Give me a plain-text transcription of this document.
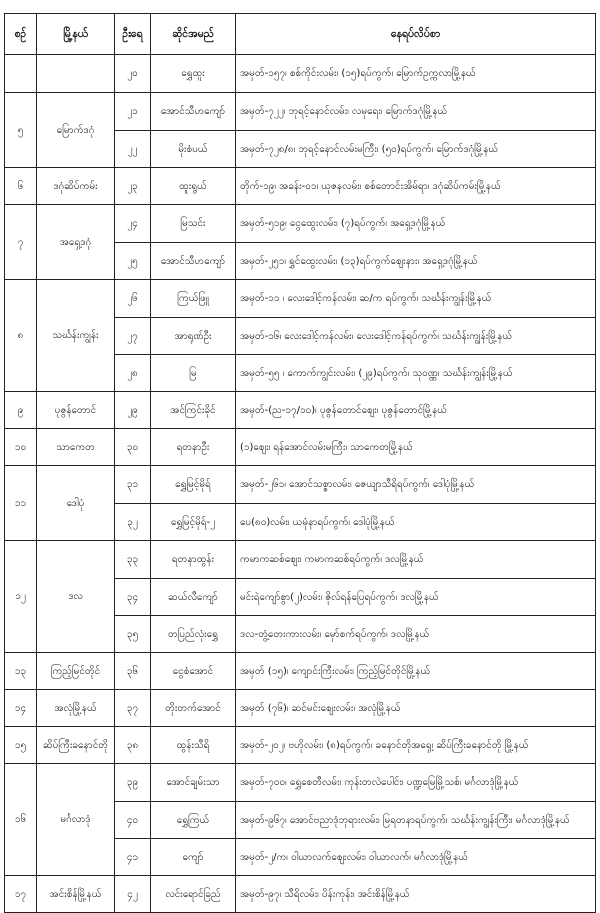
စဉ်	မြို့နယ်	ဦးရေ	ဆိုင်အမည်	နေရပ်လိပ်စာ
		၂၀	ရွှေထူး	အမှတ်-၁၅၇၊ စစ်ကိုင်းလမ်း၊ (၁၅)ရပ်ကွက်၊ မြောက်ဥက္ကလာမြို့နယ်
၅	မြောက်ဒဂုံ	၂၁	အောင်သီဟကျော်	အမှတ်-၇၂၂၊ ဘုရင့်နောင်လမ်း၊ လမုရေး၊ မြောက်ဒဂုံမြို့နယ်
		၂၂	မိုးစံပယ်	အမှတ်-၇၂၈/၈၊ ဘုရင့်နောင်လမ်းမကြီး၊ (၅၀)ရပ်ကွက်၊ မြောက်ဒဂုံမြို့နယ်
၆	ဒဂုံဆိပ်ကမ်း	၂၃	ထူးရွယ်	တိုက်-၁၉၊ အခန်း-၀၁၊ ယုဇနလမ်း၊ စစ်တောင်းအိမ်ရာ၊ ဒဂုံဆိပ်ကမ်းမြို့နယ်
၇	အရှေ့ဒဂုံ	၂၄	မြသင်း	အမှတ်-၅၁၉၊ ငွေထွေးလမ်း၊ (၇)ရပ်ကွက်၊ အရှေ့ဒဂုံမြို့နယ်
		၂၅	အောင်သီဟကျော်	အမှတ်-၂၅၁၊ ရွှင်ထွေးလမ်း၊ (၁၃)ရပ်ကွက်စျေးနား၊ အရှေ့ဒဂုံမြို့နယ်
၈	သင်္ဃန်းကျွန်း	၂၆	ကြယ်ဖြူ	အမှတ်-၁၁ ၊ လေးဒေါင့်ကန်လမ်း၊ ဆ/က ရပ်ကွက်၊ သင်္ဃန်းကျွန်းမြို့နယ်
		၂၇	အာရုဏ်ဦး	အမှတ်-၁၆၊ လေးဒေါင့်ကန်လမ်း၊ လေးဒေါင့်ကန်ရပ်ကွက်၊ သင်္ဃန်းကျွန်းမြို့နယ်
		၂၈	မြ	အမှတ်-၅၅ ၊ ကောက်ကျွင်းလမ်း၊ (၂၉)ရပ်ကွက်၊ သုဝဏ္ဏ၊ သင်္ဃန်းကျွန်းမြို့နယ်
၉	ပုဇွန်တောင်	၂၉	အင်ကြင်းခိုင်	အမှတ်-(ည-၁၇/၁၀)၊ ပုဇွန်တောင်စျေး၊ ပုဇွန်တောင်မြို့နယ်
၁၀	သာကေတ	၃၀	ရတနာဦး	(၁)စျေး၊ ရန်အောင်လမ်းမကြီး၊ သာကေတမြို့နယ်
၁၁	ဒေါပုံ	၃၁	ရွှေမြင့်မိုရ်	အမှတ်-၂၆၁၊ အောင်သစ္စာလမ်း၊ ဇေယျာသီရိရပ်ကွက်၊ ဒေါပုံမြို့နယ်
		၃၂	ရွှေမြင့်မိုရ်-၂	ပေ(၈၀)လမ်း၊ ယမုံနာရပ်ကွက်၊ ဒေါပုံမြို့နယ်
၁၂	ဒလ	၃၃	ရတနာထွန်း	ကမာကဆစ်စျေး၊ ကမာကဆစ်ရပ်ကွက်၊ ဒလမြို့နယ်
		၃၄	ဆယ်လီကျော်	မင်းရဲကျော်စွာ(၂)လမ်း၊ ဇိုလ်ရန်ပြေရပ်ကွက်၊ ဒလမြို့နယ်
		၃၅	တပြည်လုံးရွှေ	ဒလ-တွံ့တေးကားလမ်း၊ မှော်စက်ရပ်ကွက်၊ ဒလမြို့နယ်
၁၃	ကြည့်မြင်တိုင်	၃၆	ငွေစံအောင်	အမှတ် (၁၅)၊ ကျောင်းကြီးလမ်း၊ ကြည့်မြင်တိုင်မြို့နယ်
၁၄	အလုံမြို့နယ်	၃၇	တိုးတက်အောင်	အမှတ် (၇၆)၊ ဆင်မင်းစျေးလမ်း၊ အလုံမြို့နယ်
၁၅	ဆိပ်ကြီးခနောင်တို	၃၈	ထွန်းသီရိ	အမှတ်-၂၀၂၊ ဗဟိုလမ်း၊ (၈)ရပ်ကွက်၊ ခနောင်တိုအရှေ့၊ ဆိပ်ကြီးခနောင်တို မြို့နယ်
၁၆	မင်္ဂလာဒုံ	၃၉	အောင်ချမ်းသာ	အမှတ်-၇၀၀၊ ရွှေစေတီလမ်း၊ ကုန်းတလဲပေါင်း၊ ပဏ္ဍမြေမြို့သစ်၊ မင်္ဂလာဒုံမြို့နယ်
		၄၀	ရွှေကြယ်	အမှတ်-၉၆၇၊ အောင်ဗညာဒုံဘုရားလမ်း၊ မြရတနာရပ်ကွက်၊ သင်္ဃန်းကျွန်းကြီး၊ မင်္ဂလာဒုံမြို့နယ်
		၄၁	ကျော်	အမှတ်-၂/က၊ ဝါယာလက်စျေးလမ်း၊ ဝါယာလက်၊ မင်္ဂလာဒုံမြို့နယ်
၁၇	အင်းစိန်မြို့နယ်	၄၂	လင်းရောင်ခြည်	အမှတ်-၉၇၊ သီရိလမ်း၊ ပိန်းကုန်း၊ အင်းစိန်မြို့နယ်
